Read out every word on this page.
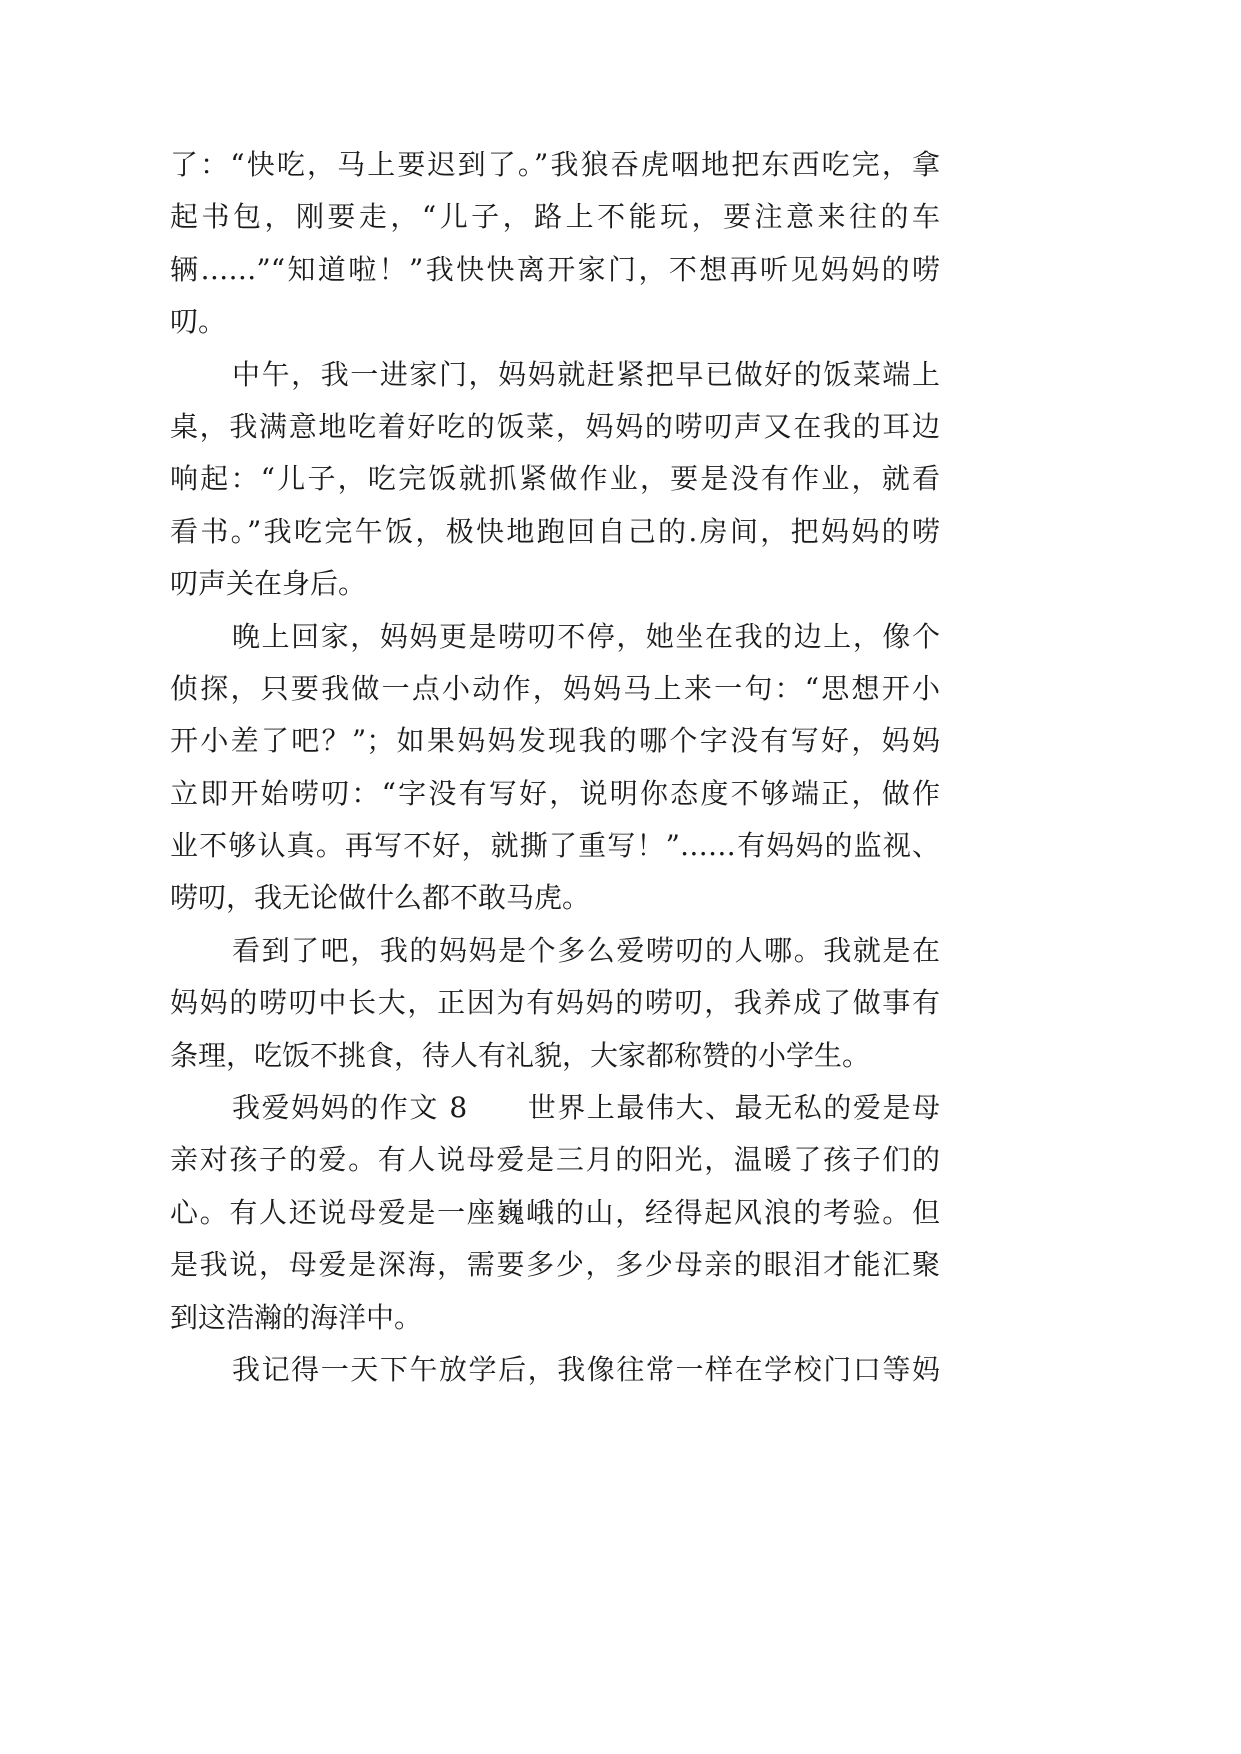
了：“快吃，马上要迟到了。”我狼吞虎咽地把东西吃完，拿
起书包，刚要走，“儿子，路上不能玩，要注意来往的车
辆……”“知道啦！”我快快离开家门，不想再听见妈妈的唠
叨。
中午，我一进家门，妈妈就赶紧把早已做好的饭菜端上
桌，我满意地吃着好吃的饭菜，妈妈的唠叨声又在我的耳边
响起：“儿子，吃完饭就抓紧做作业，要是没有作业，就看
看书。”我吃完午饭，极快地跑回自己的.房间，把妈妈的唠
叨声关在身后。
晚上回家，妈妈更是唠叨不停，她坐在我的边上，像个
侦探，只要我做一点小动作，妈妈马上来一句：“思想开小
开小差了吧？”；如果妈妈发现我的哪个字没有写好，妈妈
立即开始唠叨：“字没有写好，说明你态度不够端正，做作
业不够认真。再写不好，就撕了重写！”……有妈妈的监视、
唠叨，我无论做什么都不敢马虎。
看到了吧，我的妈妈是个多么爱唠叨的人哪。我就是在
妈妈的唠叨中长大，正因为有妈妈的唠叨，我养成了做事有
条理，吃饭不挑食，待人有礼貌，大家都称赞的小学生。
我爱妈妈的作文 8　　世界上最伟大、最无私的爱是母
亲对孩子的爱。有人说母爱是三月的阳光，温暖了孩子们的
心。有人还说母爱是一座巍峨的山，经得起风浪的考验。但
是我说，母爱是深海，需要多少，多少母亲的眼泪才能汇聚
到这浩瀚的海洋中。
我记得一天下午放学后，我像往常一样在学校门口等妈
